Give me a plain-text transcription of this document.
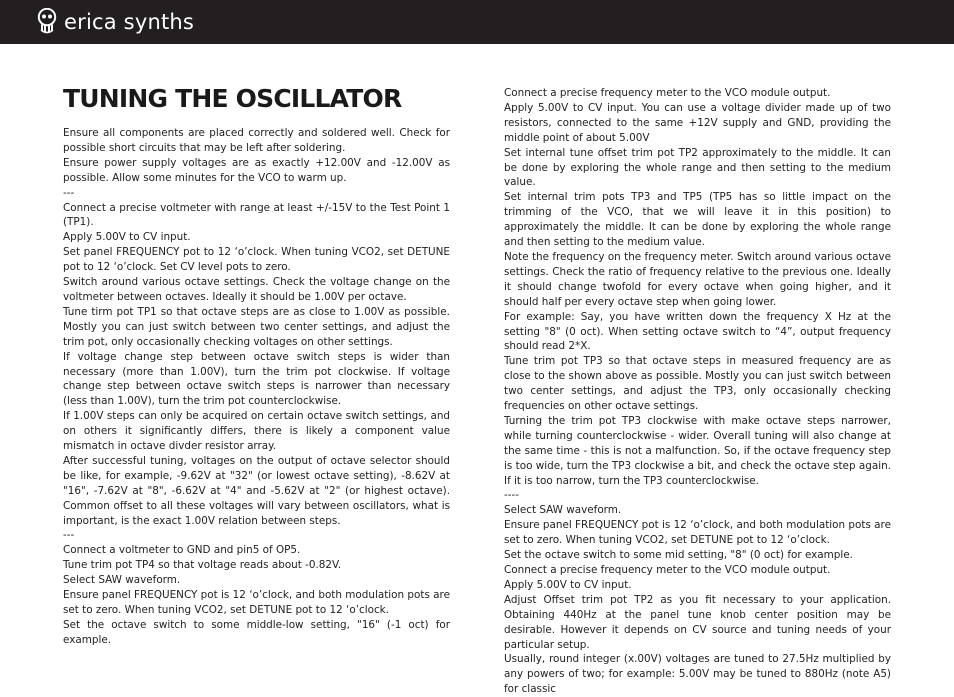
erica synths
TUNING THE OSCILLATOR

Ensure all components are placed correctly and soldered well. Check for possible short circuits that may be left after soldering.

Ensure power supply voltages are as exactly +12.00V and -12.00V as possible. Allow some minutes for the VCO to warm up.

---

Connect a precise voltmeter with range at least +/-15V to the Test Point 1 (TP1).

Apply 5.00V to CV input.

Set panel FREQUENCY pot to 12 ‘o’clock. When tuning VCO2, set DETUNE pot to 12 ‘o’clock. Set CV level pots to zero.

Switch around various octave settings. Check the voltage change on the voltmeter between octaves. Ideally it should be 1.00V per octave.

Tune tirm pot TP1 so that octave steps are as close to 1.00V as possible. Mostly you can just switch between two center settings, and adjust the trim pot, only occasionally checking voltages on other settings.

If voltage change step between octave switch steps is wider than necessary (more than 1.00V), turn the trim pot clockwise. If voltage change step between octave switch steps is narrower than necessary (less than 1.00V), turn the trim pot counterclockwise.

If 1.00V steps can only be acquired on certain octave switch settings, and on others it significantly differs, there is likely a component value mismatch in octave divder resistor array.

After successful tuning, voltages on the output of octave selector should be like, for example, -9.62V at "32" (or lowest octave setting), -8.62V at "16", -7.62V at "8", -6.62V at "4" and -5.62V at "2" (or highest octave). Common offset to all these voltages will vary between oscillators, what is important, is the exact 1.00V relation between steps.

---

Connect a voltmeter to GND and pin5 of OP5.

Tune trim pot TP4 so that voltage reads about -0.82V.

Select SAW waveform.

Ensure panel FREQUENCY pot is 12 ‘o’clock, and both modulation pots are set to zero. When tuning VCO2, set DETUNE pot to 12 ‘o’clock.

Set the octave switch to some middle-low setting, "16" (-1 oct) for example.

Connect a precise frequency meter to the VCO module output.

Apply 5.00V to CV input. You can use a voltage divider made up of two resistors, connected to the same +12V supply and GND, providing the middle point of about 5.00V

Set internal tune offset trim pot TP2 approximately to the middle. It can be done by exploring the whole range and then setting to the medium value.

Set internal trim pots TP3 and TP5 (TP5 has so little impact on the trimming of the VCO, that we will leave it in this position) to approximately the middle. It can be done by exploring the whole range and then setting to the medium value.

Note the frequency on the frequency meter. Switch around various octave settings. Check the ratio of frequency relative to the previous one. Ideally it should change twofold for every octave when going higher, and it should half per every octave step when going lower.

For example: Say, you have written down the frequency X Hz at the setting "8" (0 oct). When setting octave switch to “4”, output frequency should read 2*X.

Tune trim pot TP3 so that octave steps in measured frequency are as close to the shown above as possible. Mostly you can just switch between two center settings, and adjust the TP3, only occasionally checking frequencies on other octave settings.

Turning the trim pot TP3 clockwise with make octave steps narrower, while turning counterclockwise - wider. Overall tuning will also change at the same time - this is not a malfunction. So, if the octave frequency step is too wide, turn the TP3 clockwise a bit, and check the octave step again. If it is too narrow, turn the TP3 counterclockwise.

----

Select SAW waveform.

Ensure panel FREQUENCY pot is 12 ‘o’clock, and both modulation pots are set to zero. When tuning VCO2, set DETUNE pot to 12 ‘o’clock.

Set the octave switch to some mid setting, "8" (0 oct) for example.

Connect a precise frequency meter to the VCO module output.

Apply 5.00V to CV input.

Adjust Offset trim pot TP2 as you fit necessary to your application. Obtaining 440Hz at the panel tune knob center position may be desirable. However it depends on CV source and tuning needs of your particular setup.

Usually, round integer (x.00V) voltages are tuned to 27.5Hz multiplied by any powers of two; for example: 5.00V may be tuned to 880Hz (note A5) for classic
